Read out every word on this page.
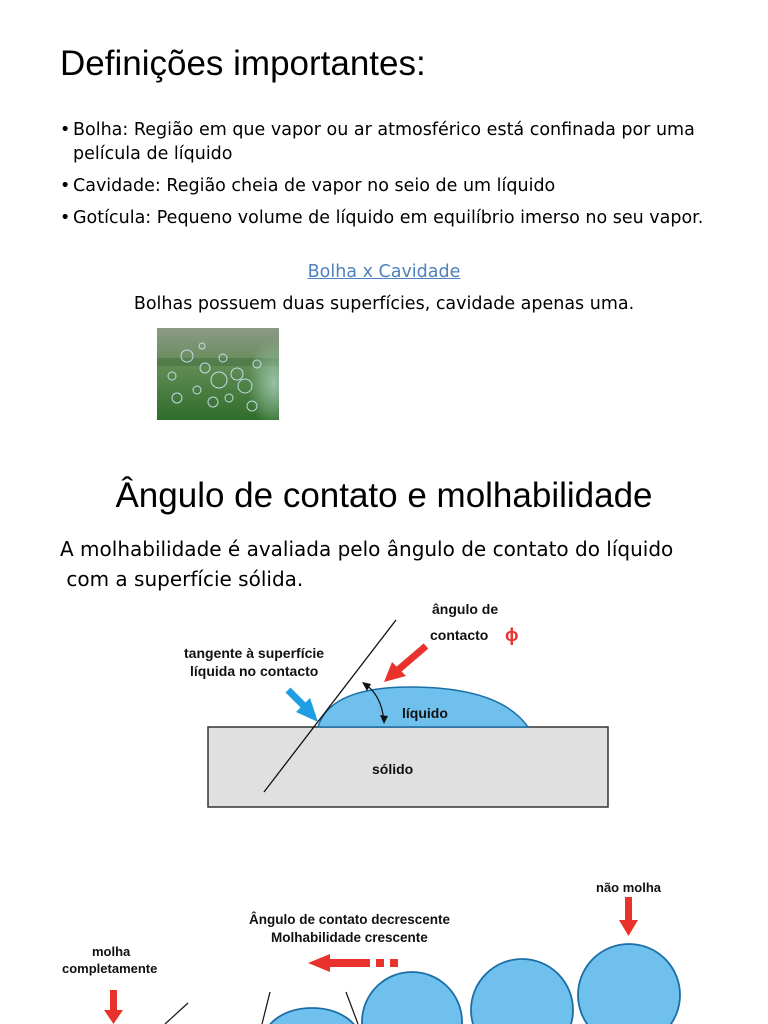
Definições importantes:
• Bolha: Região em que vapor ou ar atmosférico está confinada por uma película de líquido
• Cavidade: Região cheia de vapor no seio de um líquido
• Gotícula: Pequeno volume de líquido em equilíbrio imerso no seu vapor.
Bolha x Cavidade
Bolhas possuem duas superfícies, cavidade apenas uma.
Ângulo de contato e molhabilidade
A molhabilidade é avaliada pelo ângulo de contato do líquido
com a superfície sólida.
ângulo de
contacto ϕ
tangente à superfície
líquida no contacto
líquido
sólido
molha
completamente
Ângulo de contato decrescente
Molhabilidade crescente
não molha
